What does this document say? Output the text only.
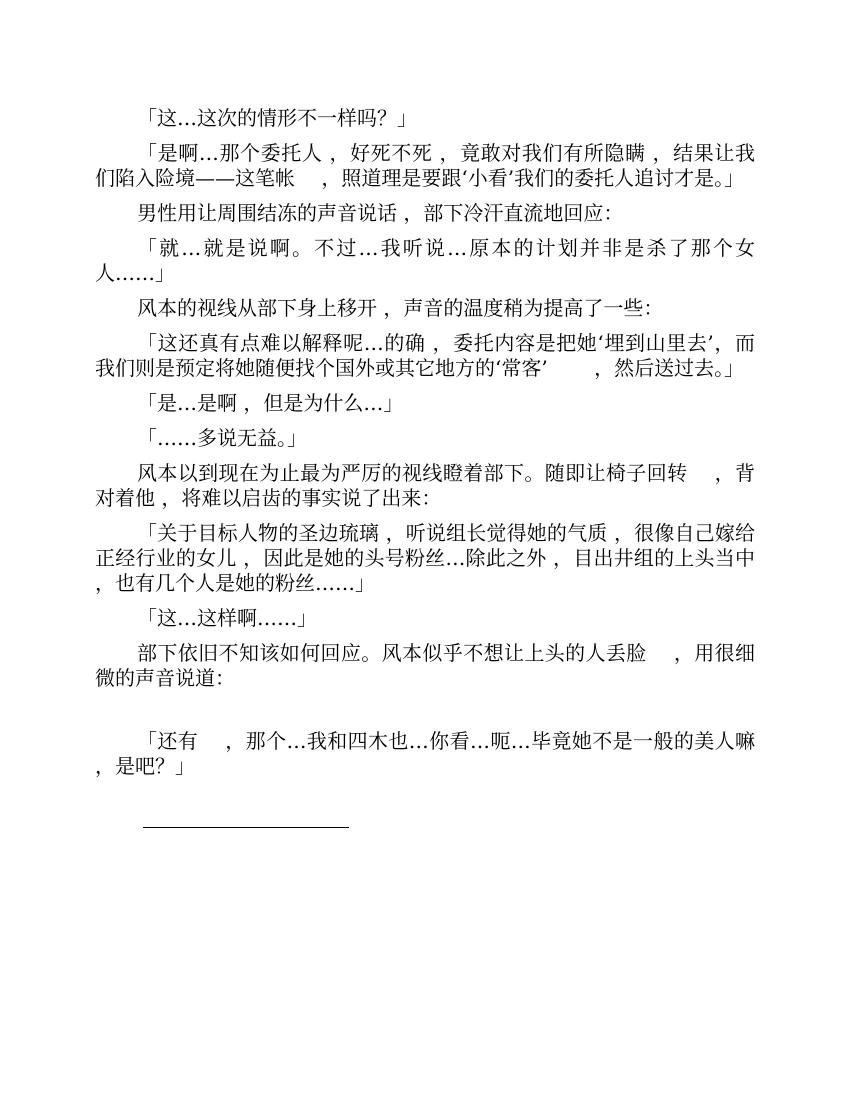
「这…这次的情形不一样吗？」

「是啊…那个委托人 ，好死不死 ，竟敢对我们有所隐瞒 ，结果让我们陷入险境——这笔帐　 ，照道理是要跟‘小看’我们的委托人追讨才是。」

男性用让周围结冻的声音说话 ，部下冷汗直流地回应：

「就…就是说啊。不过…我听说…原本的计划并非是杀了那个女人……」

风本的视线从部下身上移开 ，声音的温度稍为提高了一些：

「这还真有点难以解释呢…的确 ，委托内容是把她‘埋到山里去’，而我们则是预定将她随便找个国外或其它地方的‘常客’　　 ，然后送过去。」

「是…是啊 ，但是为什么…」

「……多说无益。」

风本以到现在为止最为严厉的视线瞪着部下。随即让椅子回转　 ，背对着他 ，将难以启齿的事实说了出来：

「关于目标人物的圣边琉璃 ，听说组长觉得她的气质 ，很像自己嫁给正经行业的女儿 ，因此是她的头号粉丝…除此之外 ，目出井组的上头当中 ，也有几个人是她的粉丝……」

「这…这样啊……」

部下依旧不知该如何回应。风本似乎不想让上头的人丢脸　 ，用很细微的声音说道：

「还有　 ，那个…我和四木也…你看…呃…毕竟她不是一般的美人嘛 ，是吧？」
